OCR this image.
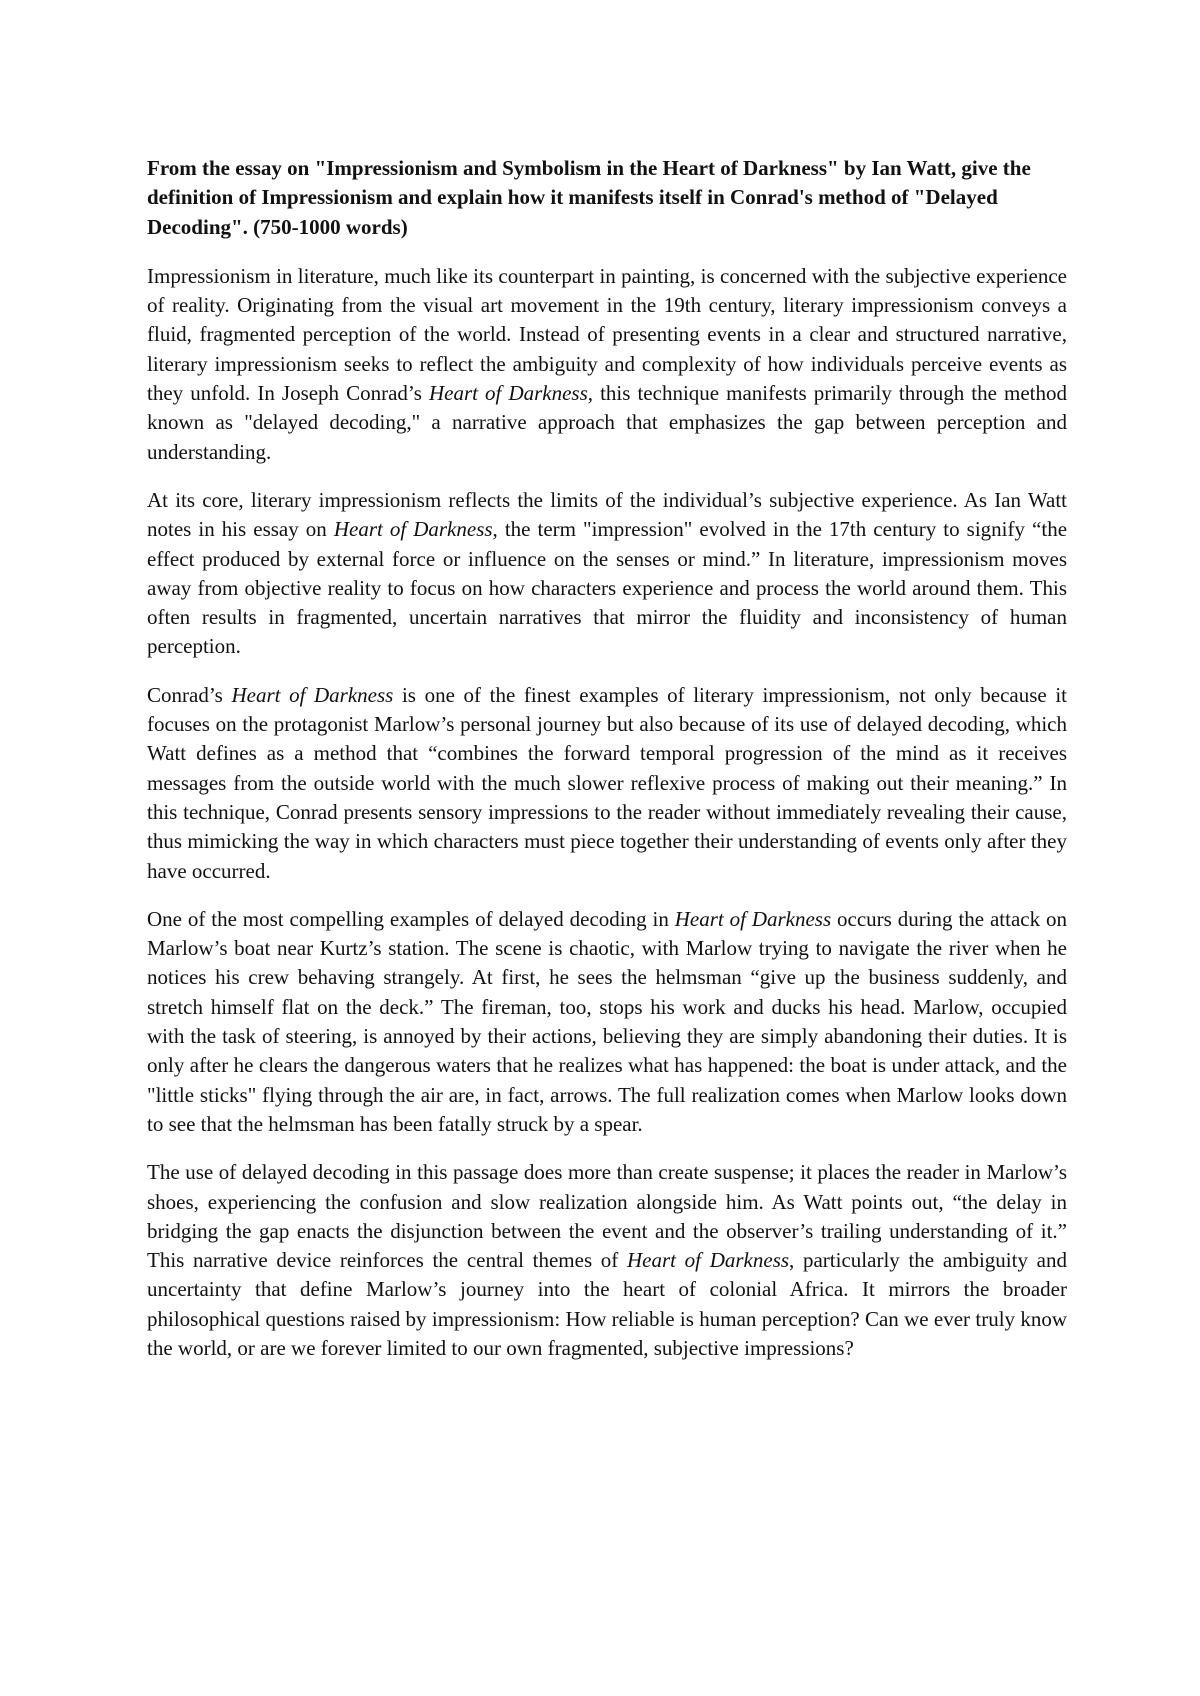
From the essay on "Impressionism and Symbolism in the Heart of Darkness" by Ian Watt, give the definition of Impressionism and explain how it manifests itself in Conrad's method of "Delayed Decoding". (750-1000 words)

Impressionism in literature, much like its counterpart in painting, is concerned with the subjective experience of reality. Originating from the visual art movement in the 19th century, literary impressionism conveys a fluid, fragmented perception of the world. Instead of presenting events in a clear and structured narrative, literary impressionism seeks to reflect the ambiguity and complexity of how individuals perceive events as they unfold. In Joseph Conrad’s Heart of Darkness, this technique manifests primarily through the method known as "delayed decoding," a narrative approach that emphasizes the gap between perception and understanding.

At its core, literary impressionism reflects the limits of the individual’s subjective experience. As Ian Watt notes in his essay on Heart of Darkness, the term "impression" evolved in the 17th century to signify “the effect produced by external force or influence on the senses or mind.” In literature, impressionism moves away from objective reality to focus on how characters experience and process the world around them. This often results in fragmented, uncertain narratives that mirror the fluidity and inconsistency of human perception.

Conrad’s Heart of Darkness is one of the finest examples of literary impressionism, not only because it focuses on the protagonist Marlow’s personal journey but also because of its use of delayed decoding, which Watt defines as a method that “combines the forward temporal progression of the mind as it receives messages from the outside world with the much slower reflexive process of making out their meaning.” In this technique, Conrad presents sensory impressions to the reader without immediately revealing their cause, thus mimicking the way in which characters must piece together their understanding of events only after they have occurred.

One of the most compelling examples of delayed decoding in Heart of Darkness occurs during the attack on Marlow’s boat near Kurtz’s station. The scene is chaotic, with Marlow trying to navigate the river when he notices his crew behaving strangely. At first, he sees the helmsman “give up the business suddenly, and stretch himself flat on the deck.” The fireman, too, stops his work and ducks his head. Marlow, occupied with the task of steering, is annoyed by their actions, believing they are simply abandoning their duties. It is only after he clears the dangerous waters that he realizes what has happened: the boat is under attack, and the "little sticks" flying through the air are, in fact, arrows. The full realization comes when Marlow looks down to see that the helmsman has been fatally struck by a spear.

The use of delayed decoding in this passage does more than create suspense; it places the reader in Marlow’s shoes, experiencing the confusion and slow realization alongside him. As Watt points out, “the delay in bridging the gap enacts the disjunction between the event and the observer’s trailing understanding of it.” This narrative device reinforces the central themes of Heart of Darkness, particularly the ambiguity and uncertainty that define Marlow’s journey into the heart of colonial Africa. It mirrors the broader philosophical questions raised by impressionism: How reliable is human perception? Can we ever truly know the world, or are we forever limited to our own fragmented, subjective impressions?
